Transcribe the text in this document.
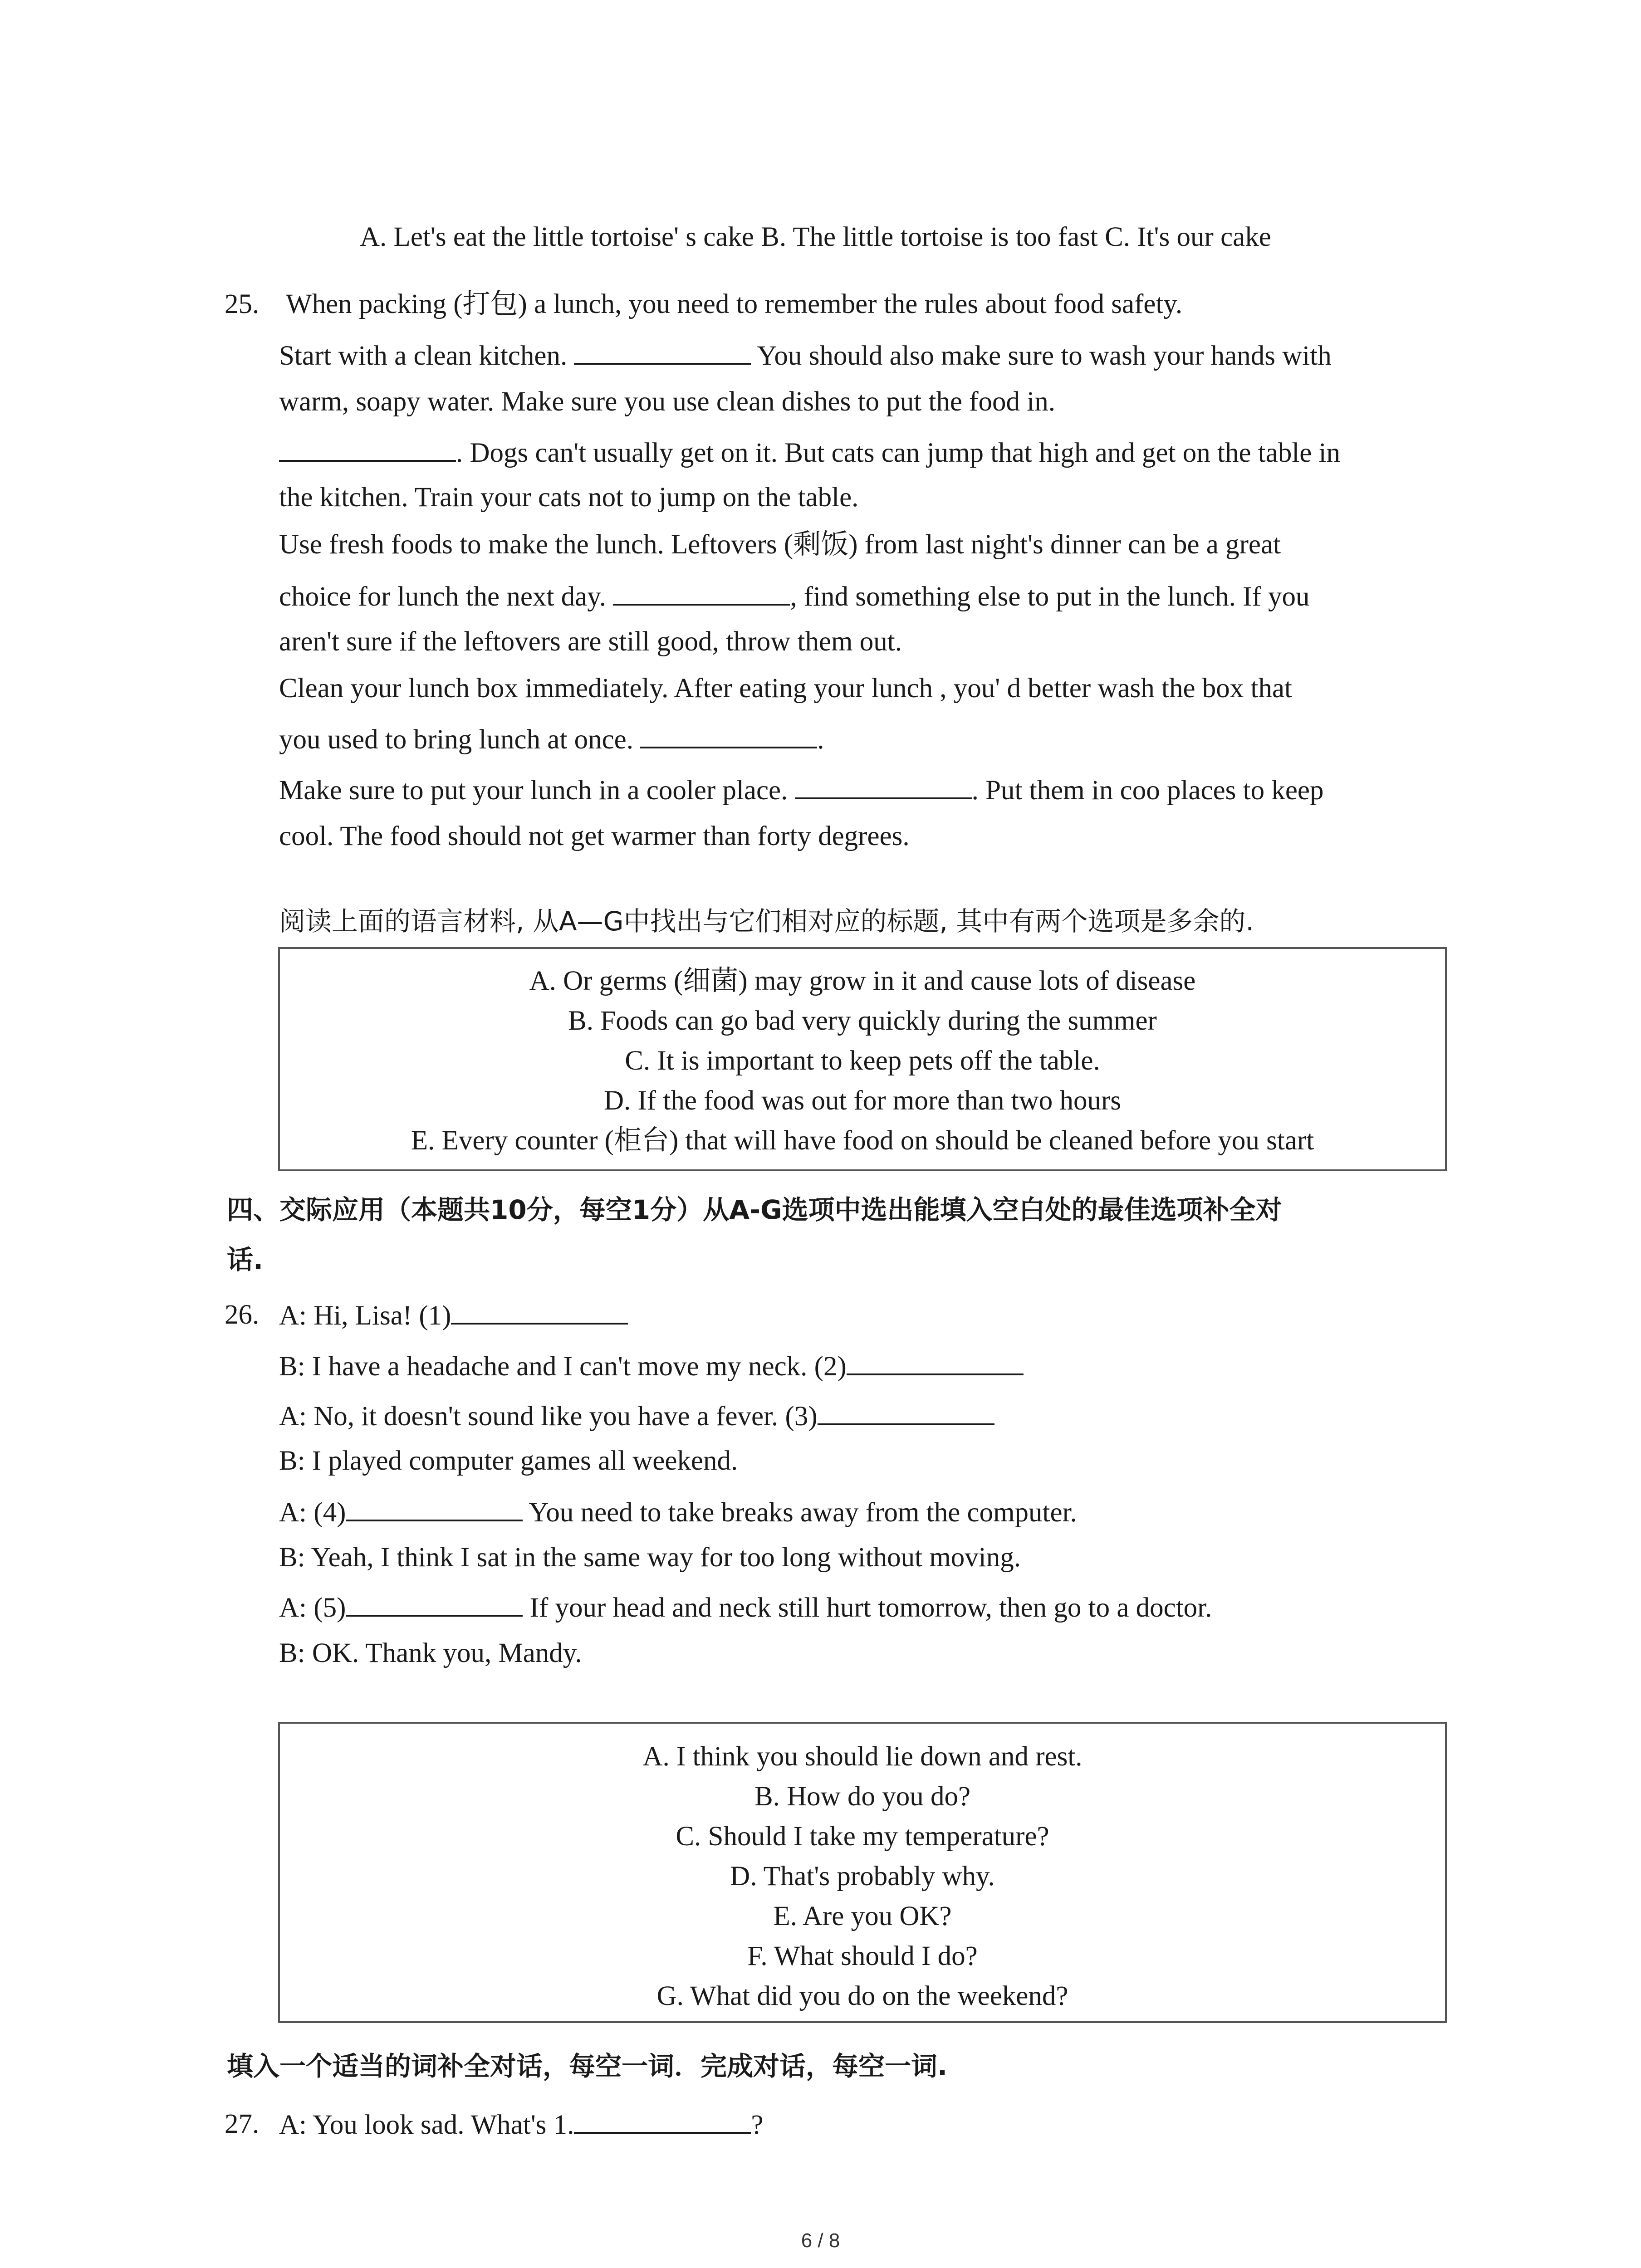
A. Let's eat the little tortoise' s cake B. The little tortoise is too fast C. It's our cake
25. When packing (打包) a lunch, you need to remember the rules about food safety.
Start with a clean kitchen.	You should also make sure to wash your hands with
warm, soapy water. Make sure you use clean dishes to put the food in.
. Dogs can't usually get on it. But cats can jump that high and get on the table in
the kitchen. Train your cats not to jump on the table.
Use fresh foods to make the lunch. Leftovers (剩饭) from last night's dinner can be a great
choice for lunch the next day.	, find something else to put in the lunch. If you
aren't sure if the leftovers are still good, throw them out.
Clean your lunch box immediately. After eating your lunch , you' d better wash the box that
you used to bring lunch at once.	.
Make sure to put your lunch in a cooler place.	. Put them in coo places to keep
cool. The food should not get warmer than forty degrees.
阅读上面的语言材料, 从A—G中找出与它们相对应的标题, 其中有两个选项是多余的.
A. Or germs (细菌) may grow in it and cause lots of disease
B. Foods can go bad very quickly during the summer
C. It is important to keep pets off the table.
D. If the food was out for more than two hours
E. Every counter (柜台) that will have food on should be cleaned before you start
四、交际应用（本题共10分，每空1分）从A-G选项中选出能填入空白处的最佳选项补全对
话.
26. A: Hi, Lisa! (1)
B: I have a headache and I can't move my neck. (2)
A: No, it doesn't sound like you have a fever. (3)
B: I played computer games all weekend.
A: (4)	You need to take breaks away from the computer.
B: Yeah, I think I sat in the same way for too long without moving.
A: (5)	If your head and neck still hurt tomorrow, then go to a doctor.
B: OK. Thank you, Mandy.
A. I think you should lie down and rest.
B. How do you do?
C. Should I take my temperature?
D. That's probably why.
E. Are you OK?
F. What should I do?
G. What did you do on the weekend?
填入一个适当的词补全对话，每空一词．完成对话，每空一词.
27. A: You look sad. What's 1.	?
6 / 8
